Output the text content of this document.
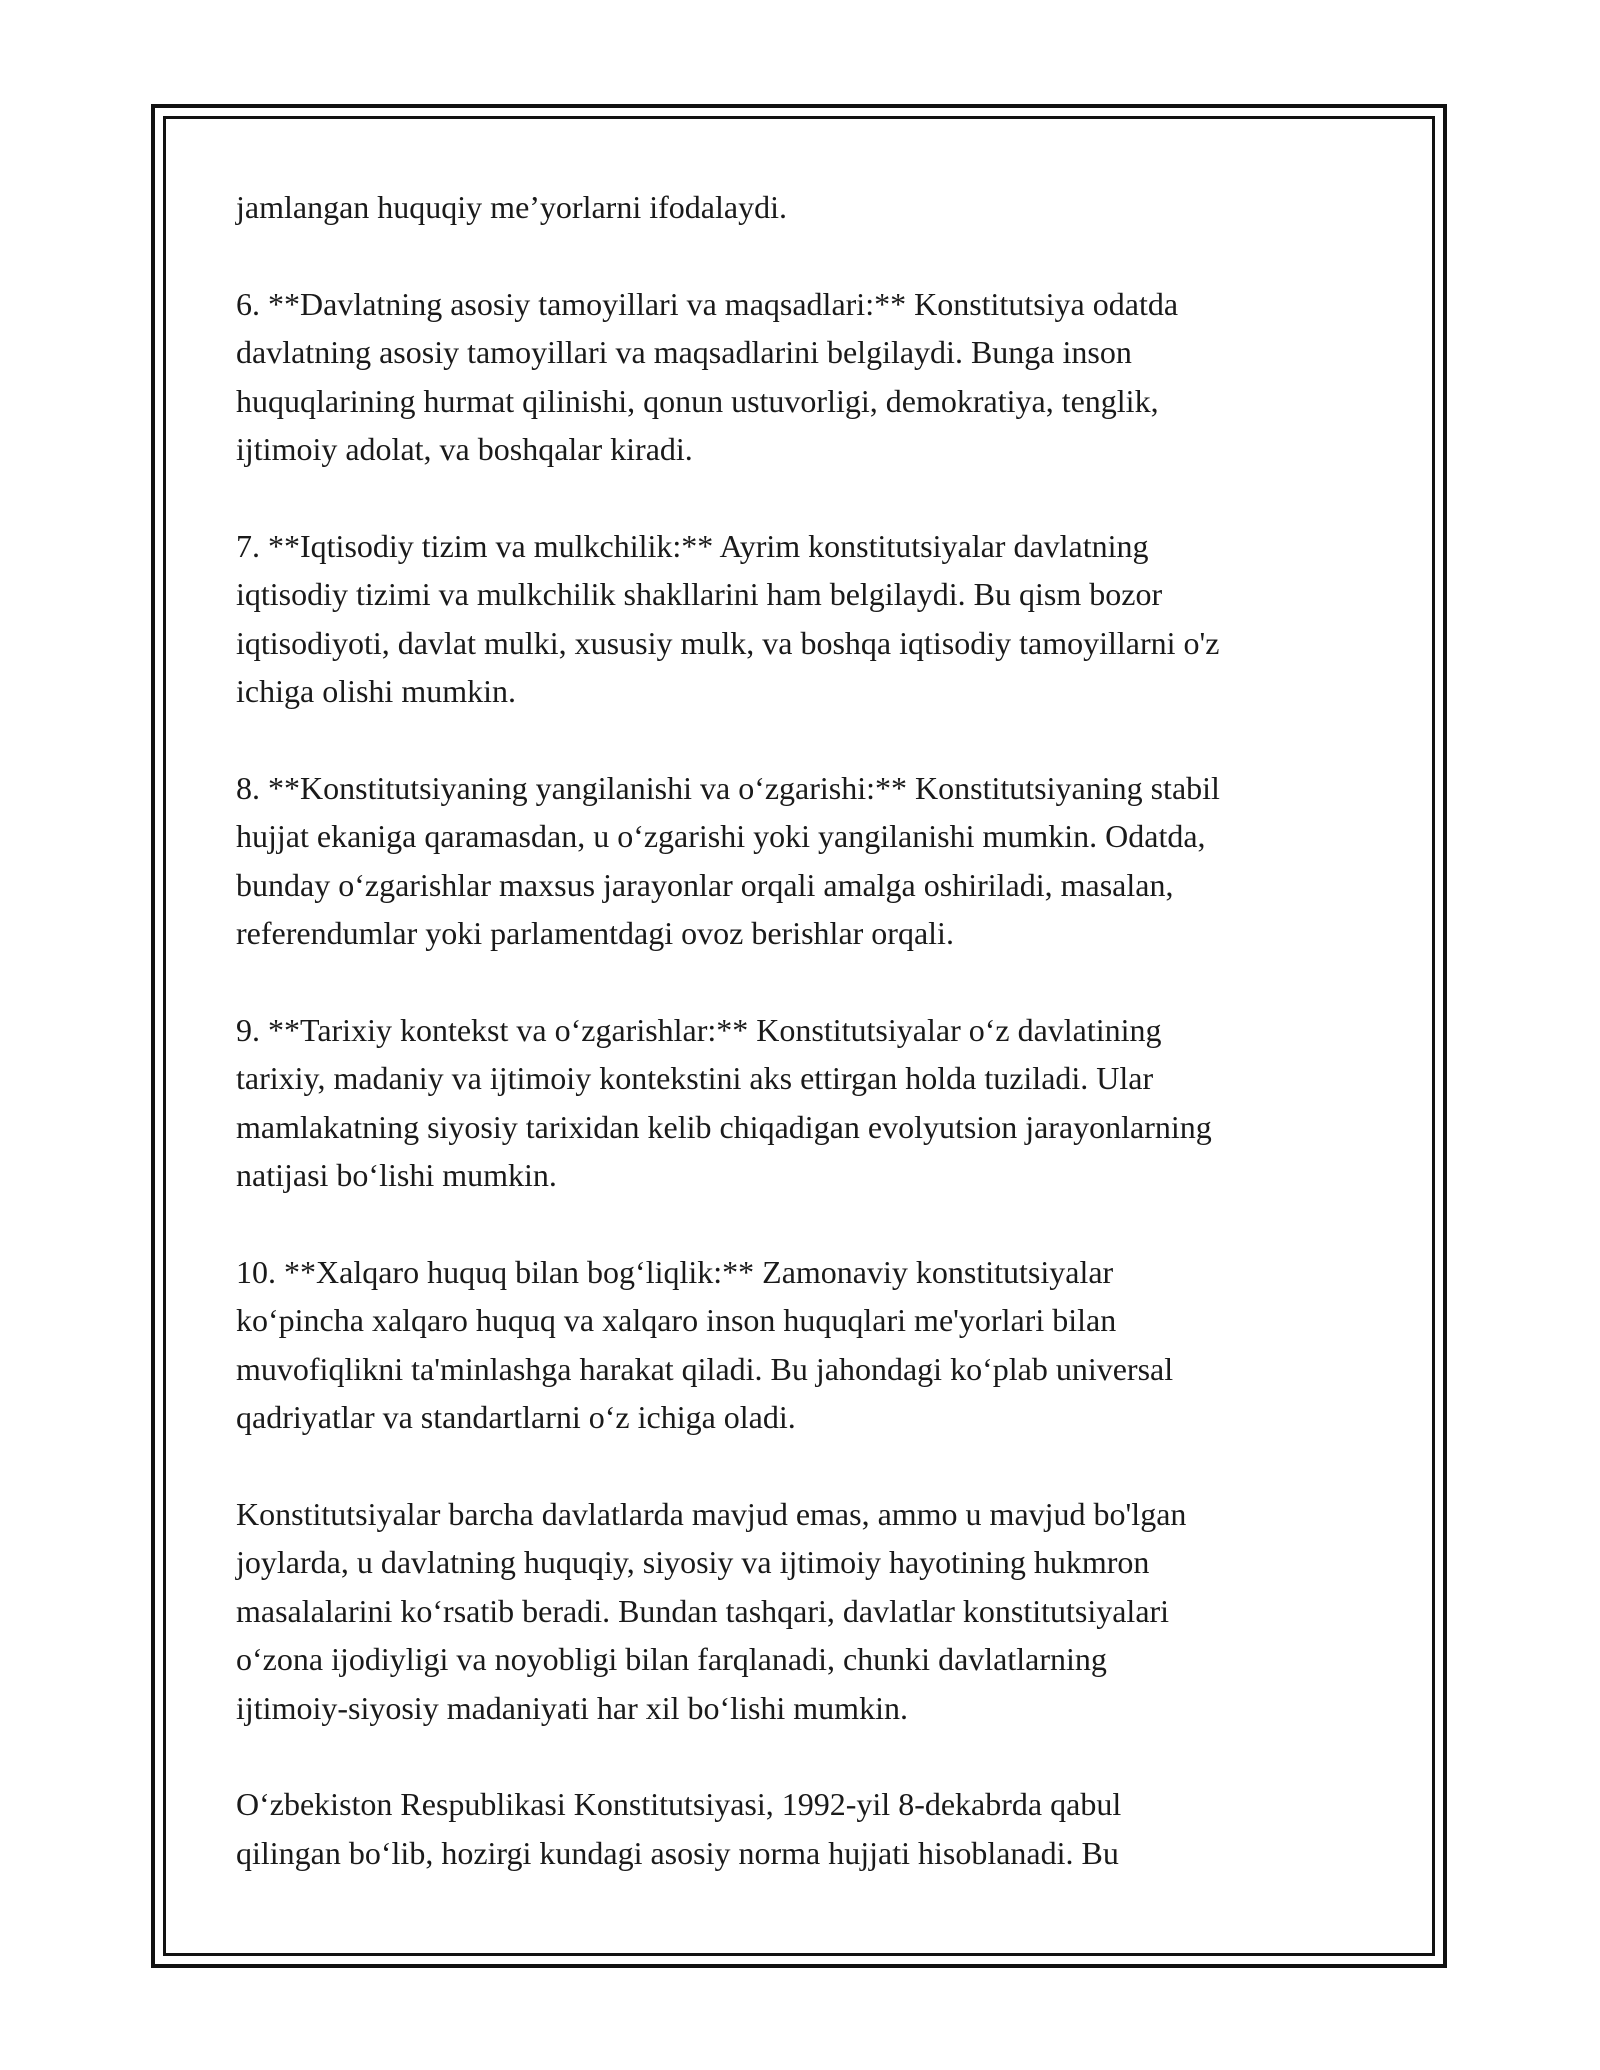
jamlangan huquqiy me’yorlarni ifodalaydi.

6. **Davlatning asosiy tamoyillari va maqsadlari:** Konstitutsiya odatda
davlatning asosiy tamoyillari va maqsadlarini belgilaydi. Bunga inson
huquqlarining hurmat qilinishi, qonun ustuvorligi, demokratiya, tenglik,
ijtimoiy adolat, va boshqalar kiradi.

7. **Iqtisodiy tizim va mulkchilik:** Ayrim konstitutsiyalar davlatning
iqtisodiy tizimi va mulkchilik shakllarini ham belgilaydi. Bu qism bozor
iqtisodiyoti, davlat mulki, xususiy mulk, va boshqa iqtisodiy tamoyillarni o'z
ichiga olishi mumkin.

8. **Konstitutsiyaning yangilanishi va o‘zgarishi:** Konstitutsiyaning stabil
hujjat ekaniga qaramasdan, u o‘zgarishi yoki yangilanishi mumkin. Odatda,
bunday o‘zgarishlar maxsus jarayonlar orqali amalga oshiriladi, masalan,
referendumlar yoki parlamentdagi ovoz berishlar orqali.

9. **Tarixiy kontekst va o‘zgarishlar:** Konstitutsiyalar o‘z davlatining
tarixiy, madaniy va ijtimoiy kontekstini aks ettirgan holda tuziladi. Ular
mamlakatning siyosiy tarixidan kelib chiqadigan evolyutsion jarayonlarning
natijasi bo‘lishi mumkin.

10. **Xalqaro huquq bilan bog‘liqlik:** Zamonaviy konstitutsiyalar
ko‘pincha xalqaro huquq va xalqaro inson huquqlari me'yorlari bilan
muvofiqlikni ta'minlashga harakat qiladi. Bu jahondagi ko‘plab universal
qadriyatlar va standartlarni o‘z ichiga oladi.

Konstitutsiyalar barcha davlatlarda mavjud emas, ammo u mavjud bo'lgan
joylarda, u davlatning huquqiy, siyosiy va ijtimoiy hayotining hukmron
masalalarini ko‘rsatib beradi. Bundan tashqari, davlatlar konstitutsiyalari
o‘zona ijodiyligi va noyobligi bilan farqlanadi, chunki davlatlarning
ijtimoiy-siyosiy madaniyati har xil bo‘lishi mumkin.

O‘zbekiston Respublikasi Konstitutsiyasi, 1992-yil 8-dekabrda qabul
qilingan bo‘lib, hozirgi kundagi asosiy norma hujjati hisoblanadi. Bu
